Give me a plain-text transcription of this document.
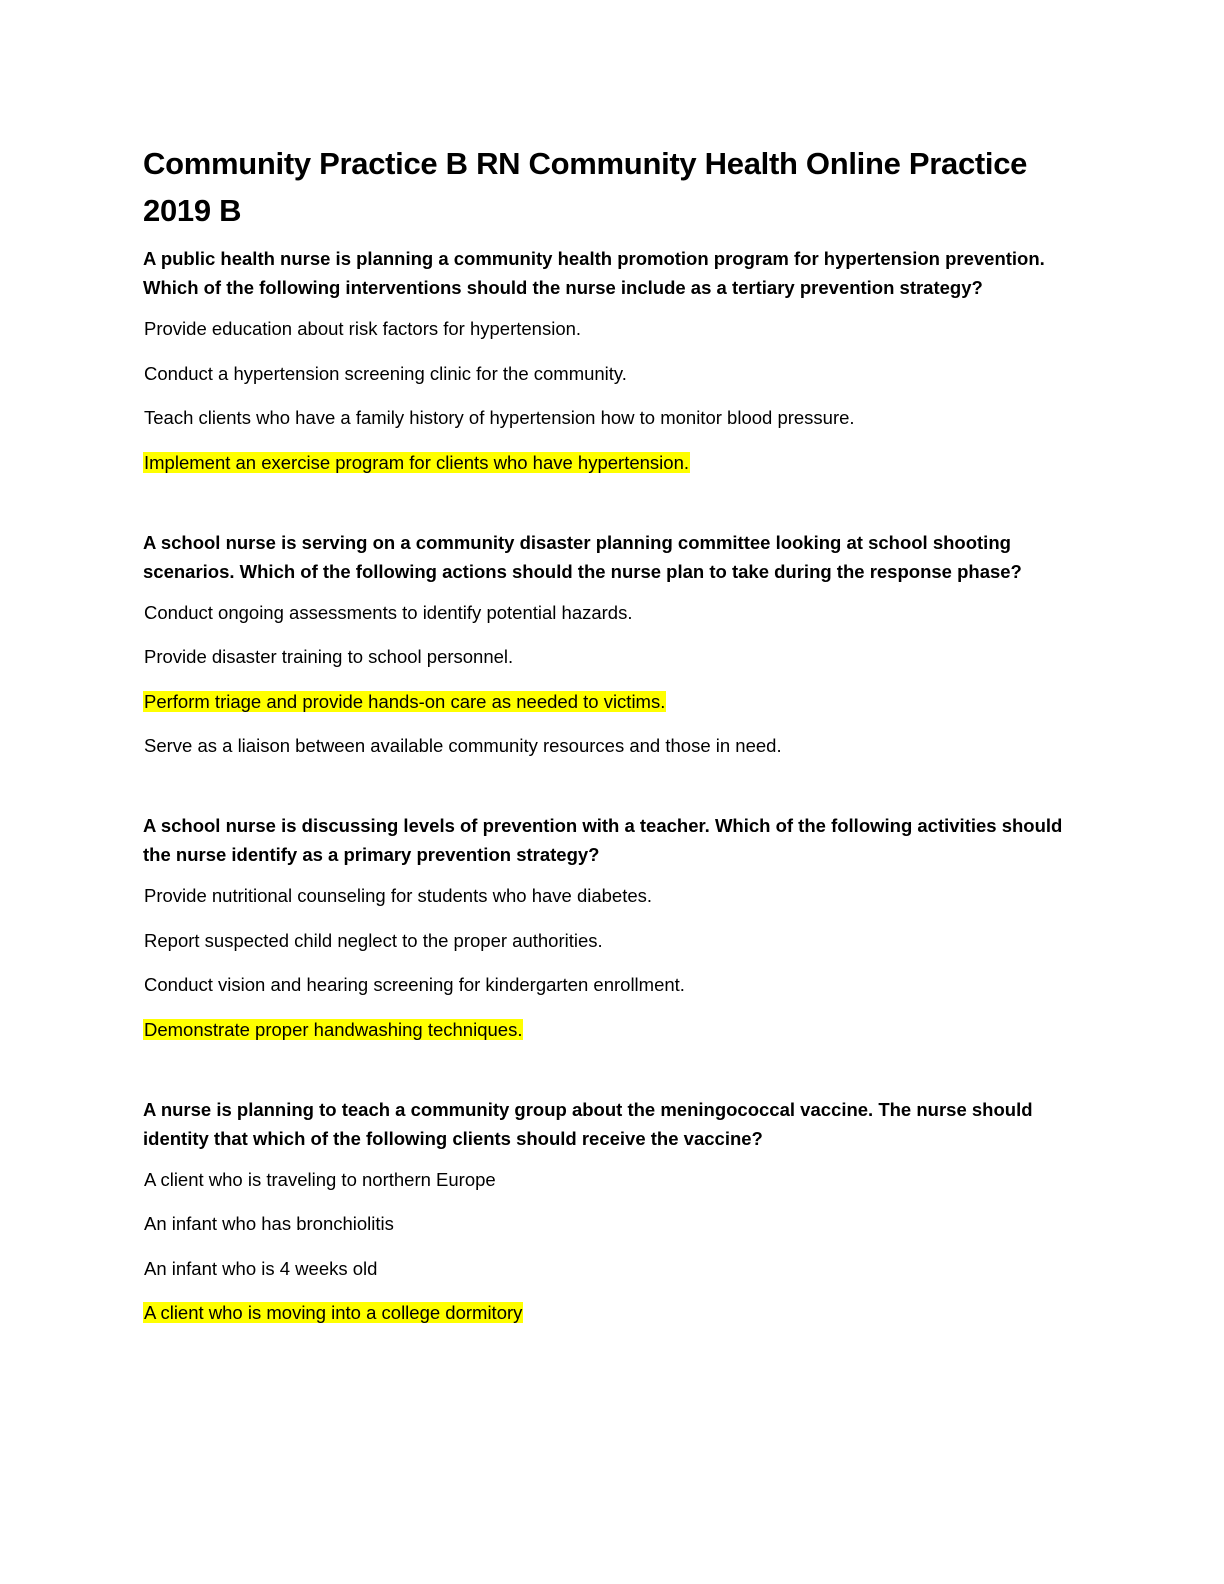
Community Practice B RN Community Health Online Practice 2019 B

A public health nurse is planning a community health promotion program for hypertension prevention. Which of the following interventions should the nurse include as a tertiary prevention strategy?

Provide education about risk factors for hypertension.

Conduct a hypertension screening clinic for the community.

Teach clients who have a family history of hypertension how to monitor blood pressure.

Implement an exercise program for clients who have hypertension.

A school nurse is serving on a community disaster planning committee looking at school shooting scenarios. Which of the following actions should the nurse plan to take during the response phase?

Conduct ongoing assessments to identify potential hazards.

Provide disaster training to school personnel.

Perform triage and provide hands-on care as needed to victims.

Serve as a liaison between available community resources and those in need.

A school nurse is discussing levels of prevention with a teacher. Which of the following activities should the nurse identify as a primary prevention strategy?

Provide nutritional counseling for students who have diabetes.

Report suspected child neglect to the proper authorities.

Conduct vision and hearing screening for kindergarten enrollment.

Demonstrate proper handwashing techniques.

A nurse is planning to teach a community group about the meningococcal vaccine. The nurse should identity that which of the following clients should receive the vaccine?

A client who is traveling to northern Europe

An infant who has bronchiolitis

An infant who is 4 weeks old

A client who is moving into a college dormitory
